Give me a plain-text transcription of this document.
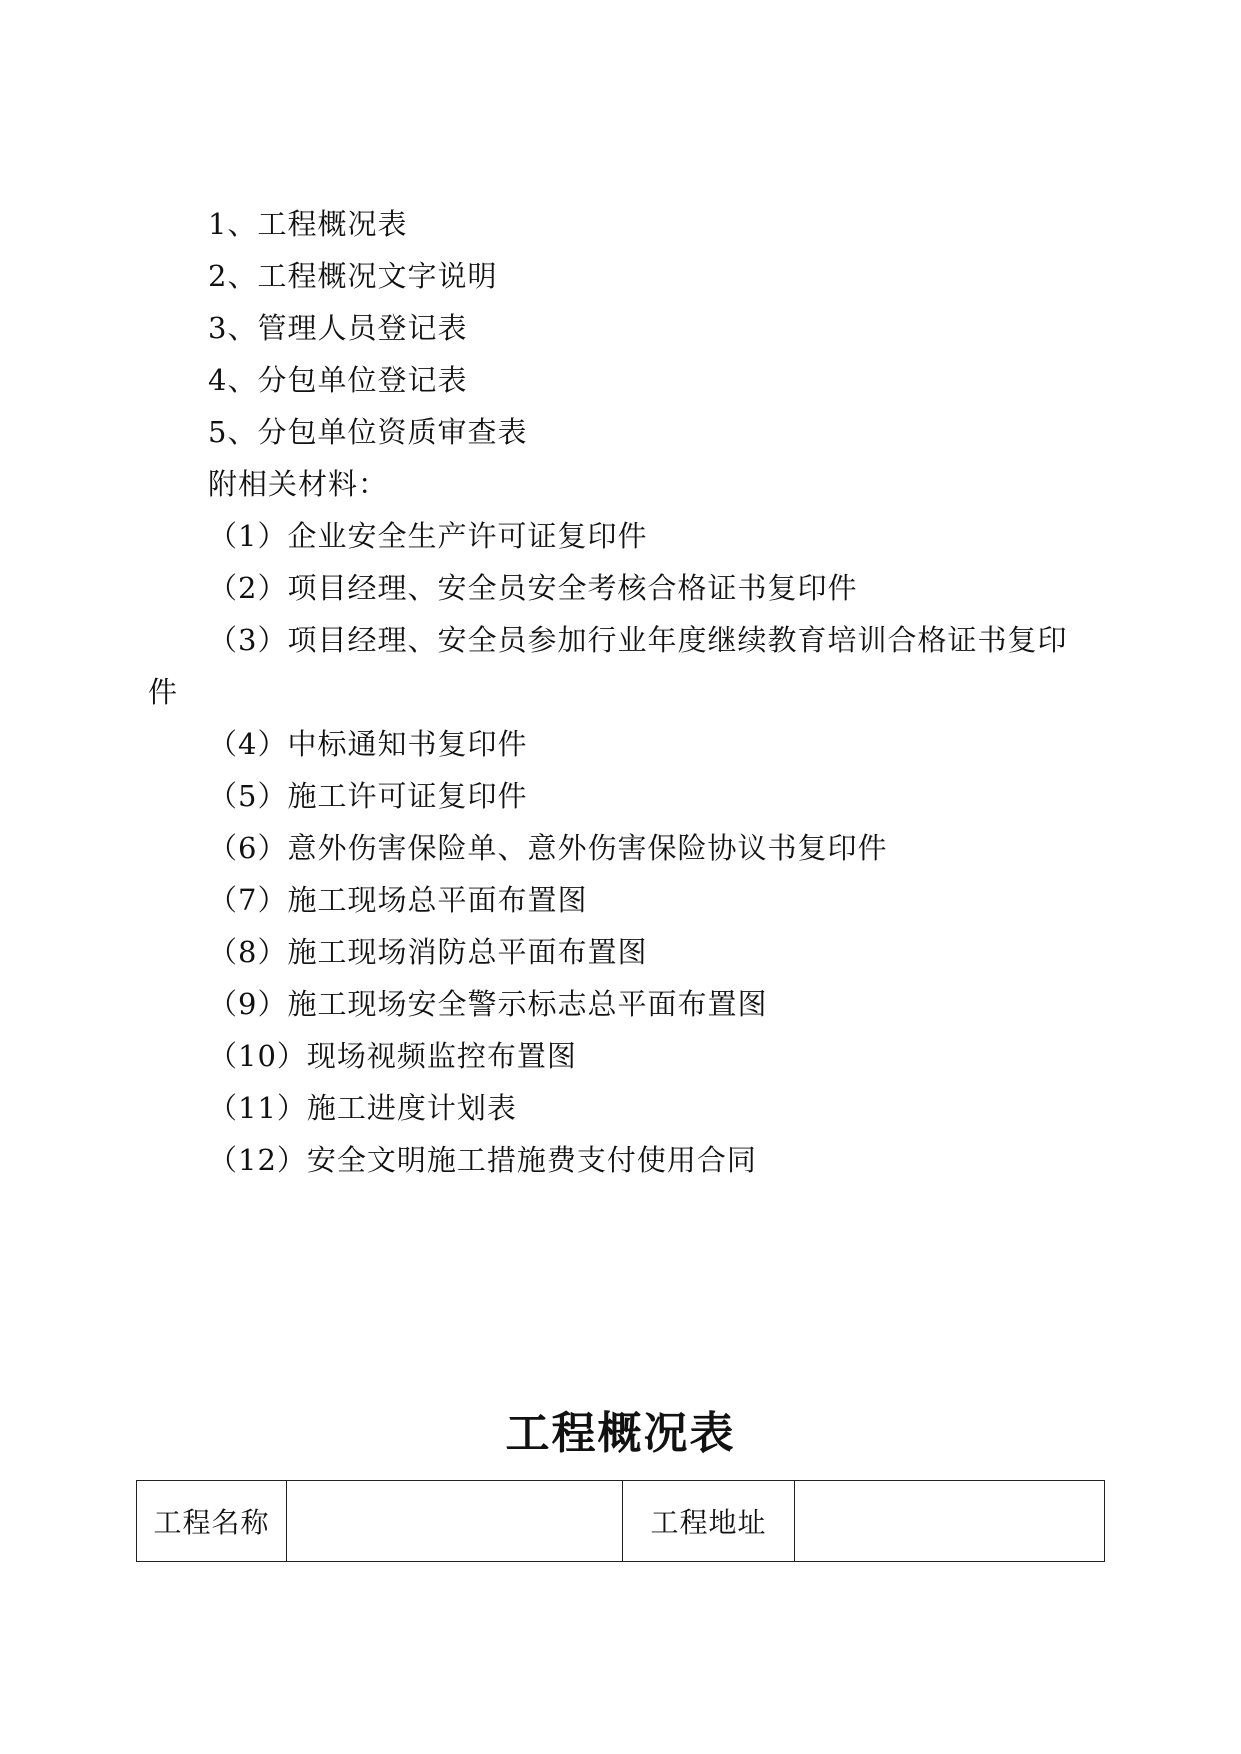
1、工程概况表
2、工程概况文字说明
3、管理人员登记表
4、分包单位登记表
5、分包单位资质审查表
附相关材料：
（1）企业安全生产许可证复印件
（2）项目经理、安全员安全考核合格证书复印件
（3）项目经理、安全员参加行业年度继续教育培训合格证书复印
件
（4）中标通知书复印件
（5）施工许可证复印件
（6）意外伤害保险单、意外伤害保险协议书复印件
（7）施工现场总平面布置图
（8）施工现场消防总平面布置图
（9）施工现场安全警示标志总平面布置图
（10）现场视频监控布置图
（11）施工进度计划表
（12）安全文明施工措施费支付使用合同
工程概况表
工程名称		工程地址	
